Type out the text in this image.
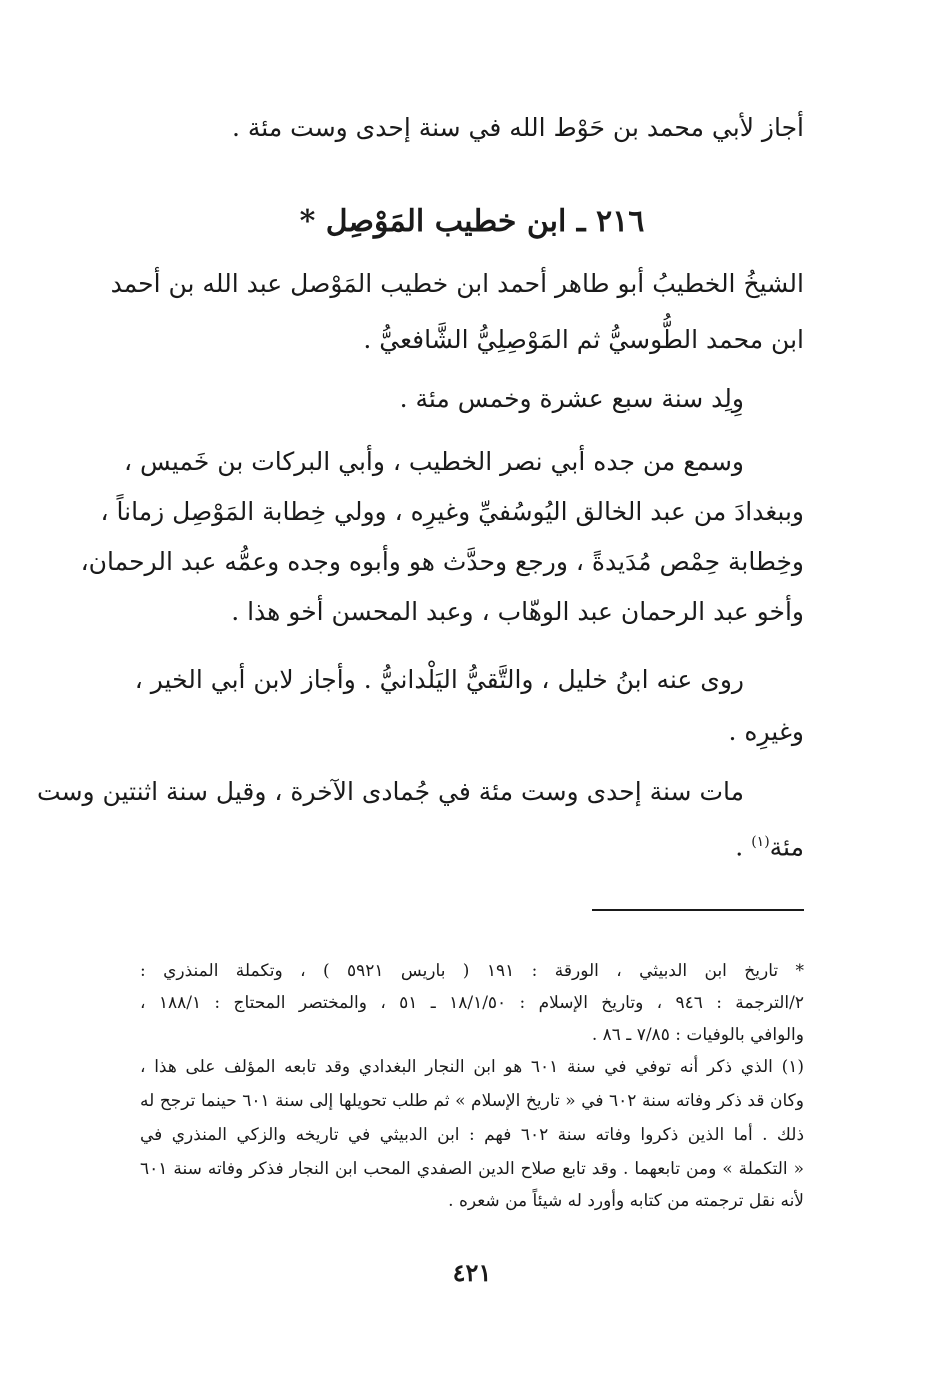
أجاز لأبي محمد بن حَوْط الله في سنة إحدى وست مئة .
٢١٦ ـ ابن خطيب المَوْصِل *
الشيخُ الخطيبُ أبو طاهر أحمد ابن خطيب المَوْصل عبد الله بن أحمد
ابن محمد الطُّوسيُّ ثم المَوْصِلِيُّ الشَّافعيُّ .
وِلِد سنة سبع عشرة وخمس مئة .
وسمع من جده أبي نصر الخطيب ، وأبي البركات بن خَميس ،
وببغدادَ من عبد الخالق اليُوسُفيِّ وغيرِه ، وولي خِطابة المَوْصِل زماناً ،
وخِطابة حِمْص مُدَيدةً ، ورجع وحدَّث هو وأبوه وجده وعمُّه عبد الرحمان،
وأخو عبد الرحمان عبد الوهّاب ، وعبد المحسن أخو هذا .
روى عنه ابنُ خليل ، والتَّقيُّ اليَلْدانيُّ . وأجاز لابن أبي الخير ،
وغيرِه .
مات سنة إحدى وست مئة في جُمادى الآخرة ، وقيل سنة اثنتين وست
مئة$^{(١)}$ .
* تاريخ ابن الدبيثي ، الورقة : ١٩١ ( باريس ٥٩٢١ ) ، وتكملة المنذري :
٢/الترجمة : ٩٤٦ ، وتاريخ الإسلام : ١٨/١/٥٠ ـ ٥١ ، والمختصر المحتاج : ١٨٨/١ ،
والوافي بالوفيات : ٧/٨٥ ـ ٨٦ .
(١) الذي ذكر أنه توفي في سنة ٦٠١ هو ابن النجار البغدادي وقد تابعه المؤلف على هذا ،
وكان قد ذكر وفاته سنة ٦٠٢ في « تاريخ الإسلام » ثم طلب تحويلها إلى سنة ٦٠١ حينما ترجح له
ذلك . أما الذين ذكروا وفاته سنة ٦٠٢ فهم : ابن الدبيثي في تاريخه والزكي المنذري في
« التكملة » ومن تابعهما . وقد تابع صلاح الدين الصفدي المحب ابن النجار فذكر وفاته سنة ٦٠١
لأنه نقل ترجمته من كتابه وأورد له شيئاً من شعره .
٤٢١
